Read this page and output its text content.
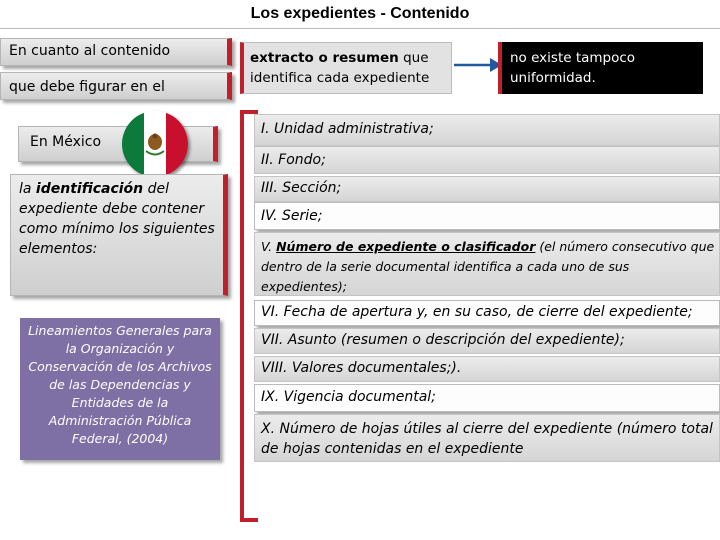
Los expedientes - Contenido
En cuanto al contenido
que debe figurar en el
extracto o resumen que identifica cada expediente
no existe tampoco uniformidad.
En México
la identificación del expediente debe contener como mínimo los siguientes elementos:
Lineamientos Generales para la Organización y Conservación de los Archivos de las Dependencias y Entidades de la Administración Pública Federal, (2004)
I. Unidad administrativa;
II. Fondo;
III. Sección;
IV. Serie;
V. Número de expediente o clasificador (el número consecutivo que dentro de la serie documental identifica a cada uno de sus expedientes);
VI. Fecha de apertura y, en su caso, de cierre del expediente;
VII. Asunto (resumen o descripción del expediente);
VIII. Valores documentales;).
IX. Vigencia documental;
X. Número de hojas útiles al cierre del expediente (número total de hojas contenidas en el expediente
